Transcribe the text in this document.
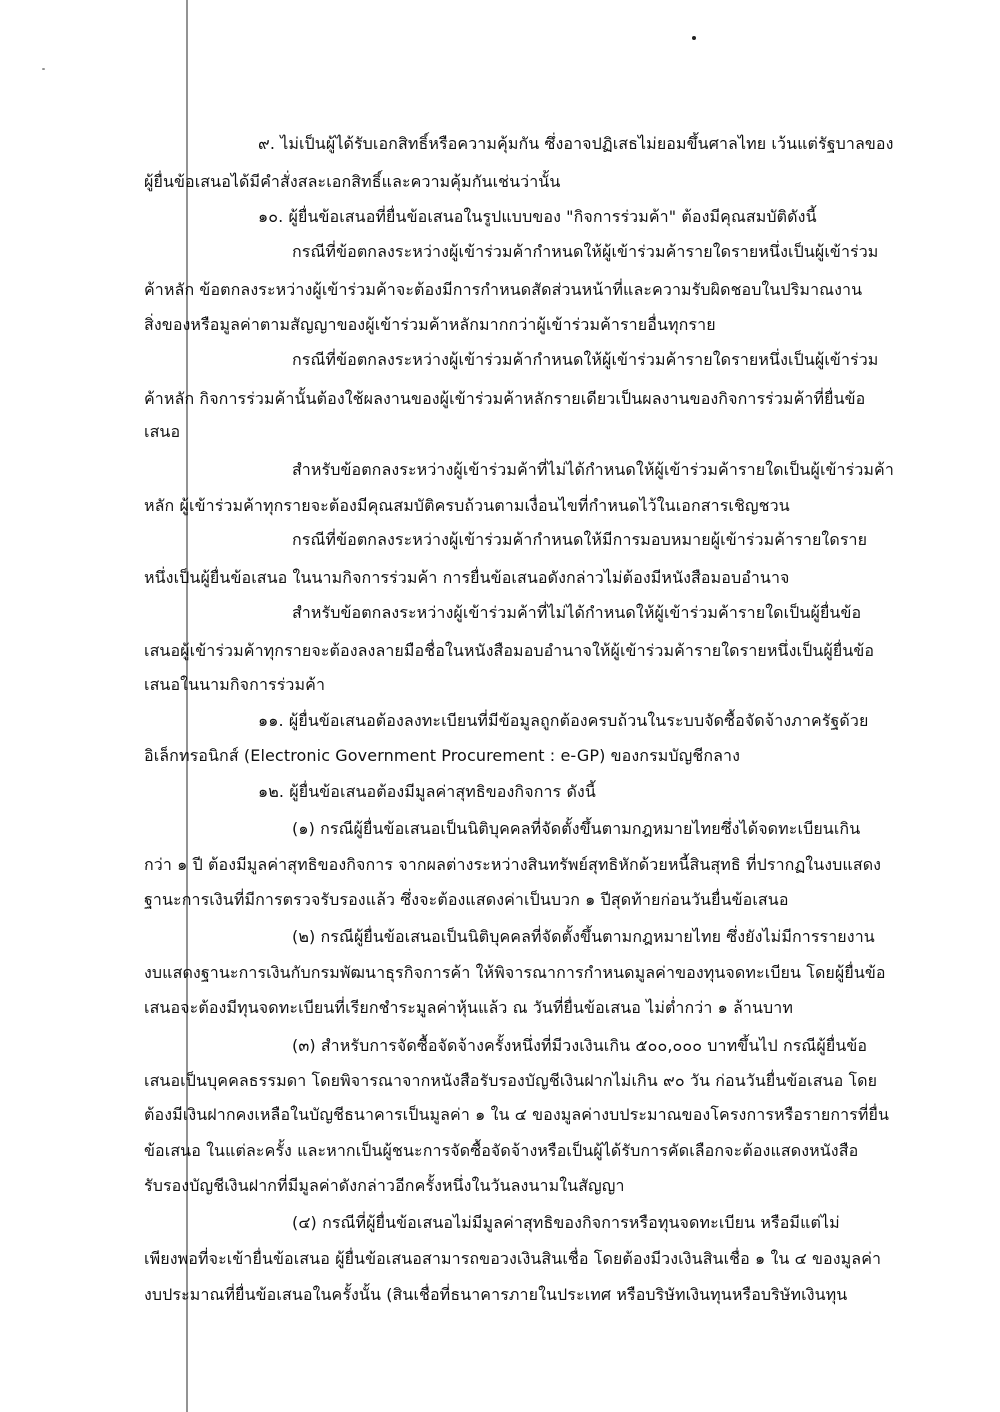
๙. ไม่เป็นผู้ได้รับเอกสิทธิ์หรือความคุ้มกัน ซึ่งอาจปฏิเสธไม่ยอมขึ้นศาลไทย เว้นแต่รัฐบาลของ
ผู้ยื่นข้อเสนอได้มีคำสั่งสละเอกสิทธิ์และความคุ้มกันเช่นว่านั้น
๑๐. ผู้ยื่นข้อเสนอที่ยื่นข้อเสนอในรูปแบบของ "กิจการร่วมค้า" ต้องมีคุณสมบัติดังนี้
กรณีที่ข้อตกลงระหว่างผู้เข้าร่วมค้ากำหนดให้ผู้เข้าร่วมค้ารายใดรายหนึ่งเป็นผู้เข้าร่วม
ค้าหลัก ข้อตกลงระหว่างผู้เข้าร่วมค้าจะต้องมีการกำหนดสัดส่วนหน้าที่และความรับผิดชอบในปริมาณงาน
สิ่งของหรือมูลค่าตามสัญญาของผู้เข้าร่วมค้าหลักมากกว่าผู้เข้าร่วมค้ารายอื่นทุกราย
กรณีที่ข้อตกลงระหว่างผู้เข้าร่วมค้ากำหนดให้ผู้เข้าร่วมค้ารายใดรายหนึ่งเป็นผู้เข้าร่วม
ค้าหลัก กิจการร่วมค้านั้นต้องใช้ผลงานของผู้เข้าร่วมค้าหลักรายเดียวเป็นผลงานของกิจการร่วมค้าที่ยื่นข้อ
เสนอ
สำหรับข้อตกลงระหว่างผู้เข้าร่วมค้าที่ไม่ได้กำหนดให้ผู้เข้าร่วมค้ารายใดเป็นผู้เข้าร่วมค้า
หลัก ผู้เข้าร่วมค้าทุกรายจะต้องมีคุณสมบัติครบถ้วนตามเงื่อนไขที่กำหนดไว้ในเอกสารเชิญชวน
กรณีที่ข้อตกลงระหว่างผู้เข้าร่วมค้ากำหนดให้มีการมอบหมายผู้เข้าร่วมค้ารายใดราย
หนึ่งเป็นผู้ยื่นข้อเสนอ ในนามกิจการร่วมค้า การยื่นข้อเสนอดังกล่าวไม่ต้องมีหนังสือมอบอำนาจ
สำหรับข้อตกลงระหว่างผู้เข้าร่วมค้าที่ไม่ได้กำหนดให้ผู้เข้าร่วมค้ารายใดเป็นผู้ยื่นข้อ
เสนอผู้เข้าร่วมค้าทุกรายจะต้องลงลายมือชื่อในหนังสือมอบอำนาจให้ผู้เข้าร่วมค้ารายใดรายหนึ่งเป็นผู้ยื่นข้อ
เสนอในนามกิจการร่วมค้า
๑๑. ผู้ยื่นข้อเสนอต้องลงทะเบียนที่มีข้อมูลถูกต้องครบถ้วนในระบบจัดซื้อจัดจ้างภาครัฐด้วย
อิเล็กทรอนิกส์ (Electronic Government Procurement : e-GP) ของกรมบัญชีกลาง
๑๒. ผู้ยื่นข้อเสนอต้องมีมูลค่าสุทธิของกิจการ ดังนี้
(๑) กรณีผู้ยื่นข้อเสนอเป็นนิติบุคคลที่จัดตั้งขึ้นตามกฎหมายไทยซึ่งได้จดทะเบียนเกิน
กว่า ๑ ปี ต้องมีมูลค่าสุทธิของกิจการ จากผลต่างระหว่างสินทรัพย์สุทธิหักด้วยหนี้สินสุทธิ ที่ปรากฏในงบแสดง
ฐานะการเงินที่มีการตรวจรับรองแล้ว ซึ่งจะต้องแสดงค่าเป็นบวก ๑ ปีสุดท้ายก่อนวันยื่นข้อเสนอ
(๒) กรณีผู้ยื่นข้อเสนอเป็นนิติบุคคลที่จัดตั้งขึ้นตามกฎหมายไทย ซึ่งยังไม่มีการรายงาน
งบแสดงฐานะการเงินกับกรมพัฒนาธุรกิจการค้า ให้พิจารณาการกำหนดมูลค่าของทุนจดทะเบียน โดยผู้ยื่นข้อ
เสนอจะต้องมีทุนจดทะเบียนที่เรียกชำระมูลค่าหุ้นแล้ว ณ วันที่ยื่นข้อเสนอ ไม่ต่ำกว่า ๑ ล้านบาท
(๓) สำหรับการจัดซื้อจัดจ้างครั้งหนึ่งที่มีวงเงินเกิน ๕๐๐,๐๐๐ บาทขึ้นไป กรณีผู้ยื่นข้อ
เสนอเป็นบุคคลธรรมดา โดยพิจารณาจากหนังสือรับรองบัญชีเงินฝากไม่เกิน ๙๐ วัน ก่อนวันยื่นข้อเสนอ โดย
ต้องมีเงินฝากคงเหลือในบัญชีธนาคารเป็นมูลค่า ๑ ใน ๔ ของมูลค่างบประมาณของโครงการหรือรายการที่ยื่น
ข้อเสนอ ในแต่ละครั้ง และหากเป็นผู้ชนะการจัดซื้อจัดจ้างหรือเป็นผู้ได้รับการคัดเลือกจะต้องแสดงหนังสือ
รับรองบัญชีเงินฝากที่มีมูลค่าดังกล่าวอีกครั้งหนึ่งในวันลงนามในสัญญา
(๔) กรณีที่ผู้ยื่นข้อเสนอไม่มีมูลค่าสุทธิของกิจการหรือทุนจดทะเบียน หรือมีแต่ไม่
เพียงพอที่จะเข้ายื่นข้อเสนอ ผู้ยื่นข้อเสนอสามารถขอวงเงินสินเชื่อ โดยต้องมีวงเงินสินเชื่อ ๑ ใน ๔ ของมูลค่า
งบประมาณที่ยื่นข้อเสนอในครั้งนั้น (สินเชื่อที่ธนาคารภายในประเทศ หรือบริษัทเงินทุนหรือบริษัทเงินทุน
